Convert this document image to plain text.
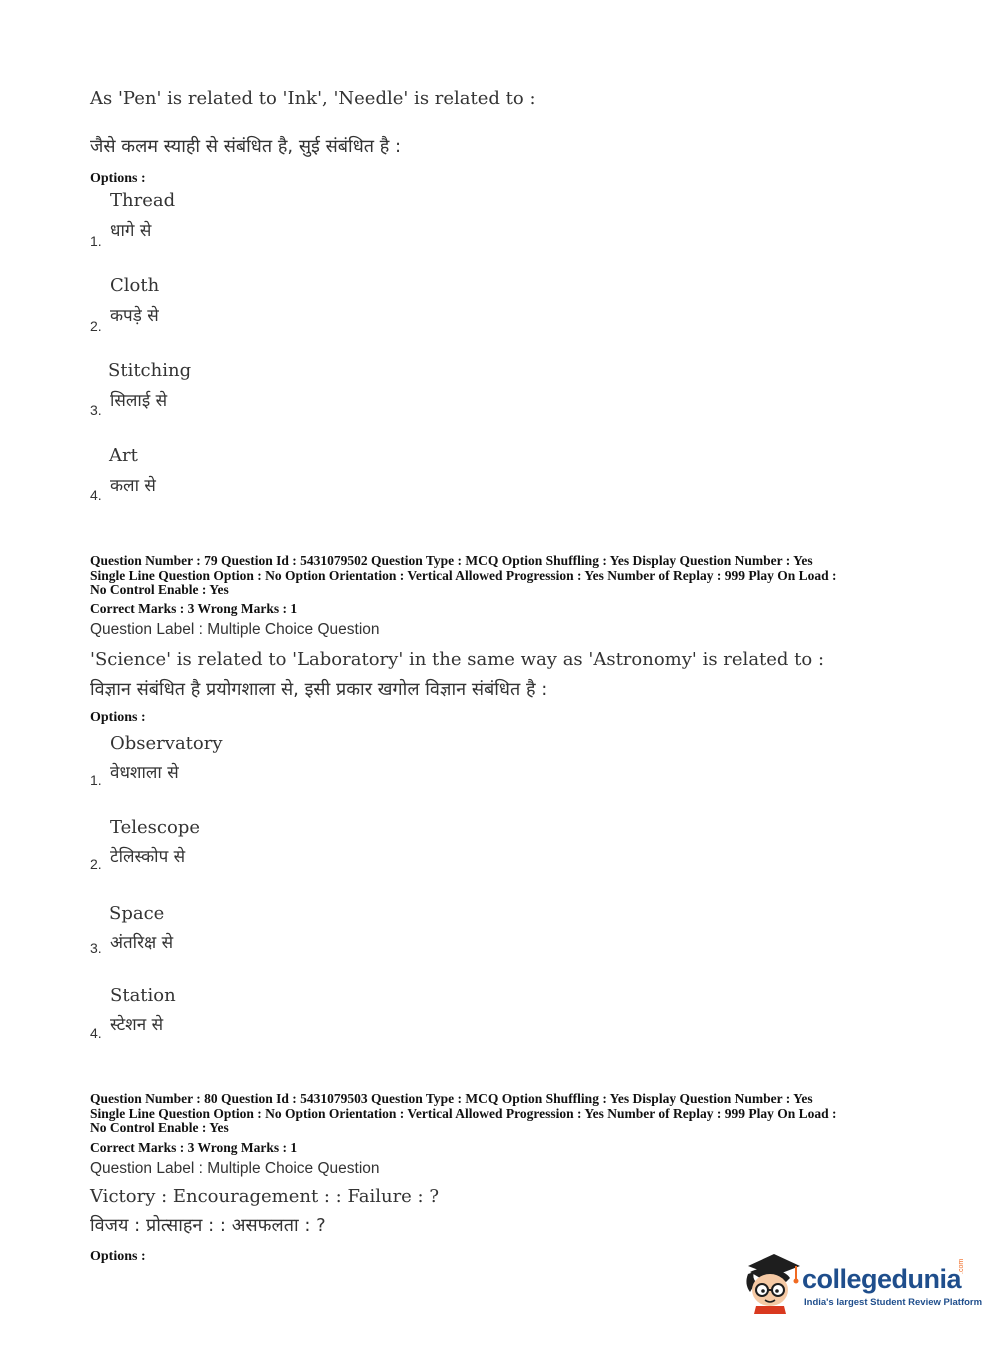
As 'Pen' is related to 'Ink', 'Needle' is related to :
जैसे कलम स्याही से संबंधित है, सुई संबंधित है :
Options :
Thread
धागे से
1.
Cloth
कपड़े से
2.
Stitching
सिलाई से
3.
Art
कला से
4.
Question Number : 79 Question Id : 5431079502 Question Type : MCQ Option Shuffling : Yes Display Question Number : Yes
Single Line Question Option : No Option Orientation : Vertical Allowed Progression : Yes Number of Replay : 999 Play On Load :
No Control Enable : Yes
Correct Marks : 3 Wrong Marks : 1
Question Label : Multiple Choice Question
'Science' is related to 'Laboratory' in the same way as 'Astronomy' is related to :
विज्ञान संबंधित है प्रयोगशाला से, इसी प्रकार खगोल विज्ञान संबंधित है :
Options :
Observatory
वेधशाला से
1.
Telescope
टेलिस्कोप से
2.
Space
अंतरिक्ष से
3.
Station
स्टेशन से
4.
Question Number : 80 Question Id : 5431079503 Question Type : MCQ Option Shuffling : Yes Display Question Number : Yes
Single Line Question Option : No Option Orientation : Vertical Allowed Progression : Yes Number of Replay : 999 Play On Load :
No Control Enable : Yes
Correct Marks : 3 Wrong Marks : 1
Question Label : Multiple Choice Question
Victory : Encouragement : : Failure : ?
विजय : प्रोत्साहन : : असफलता : ?
Options :
collegedunia
.com
India's largest Student Review Platform
